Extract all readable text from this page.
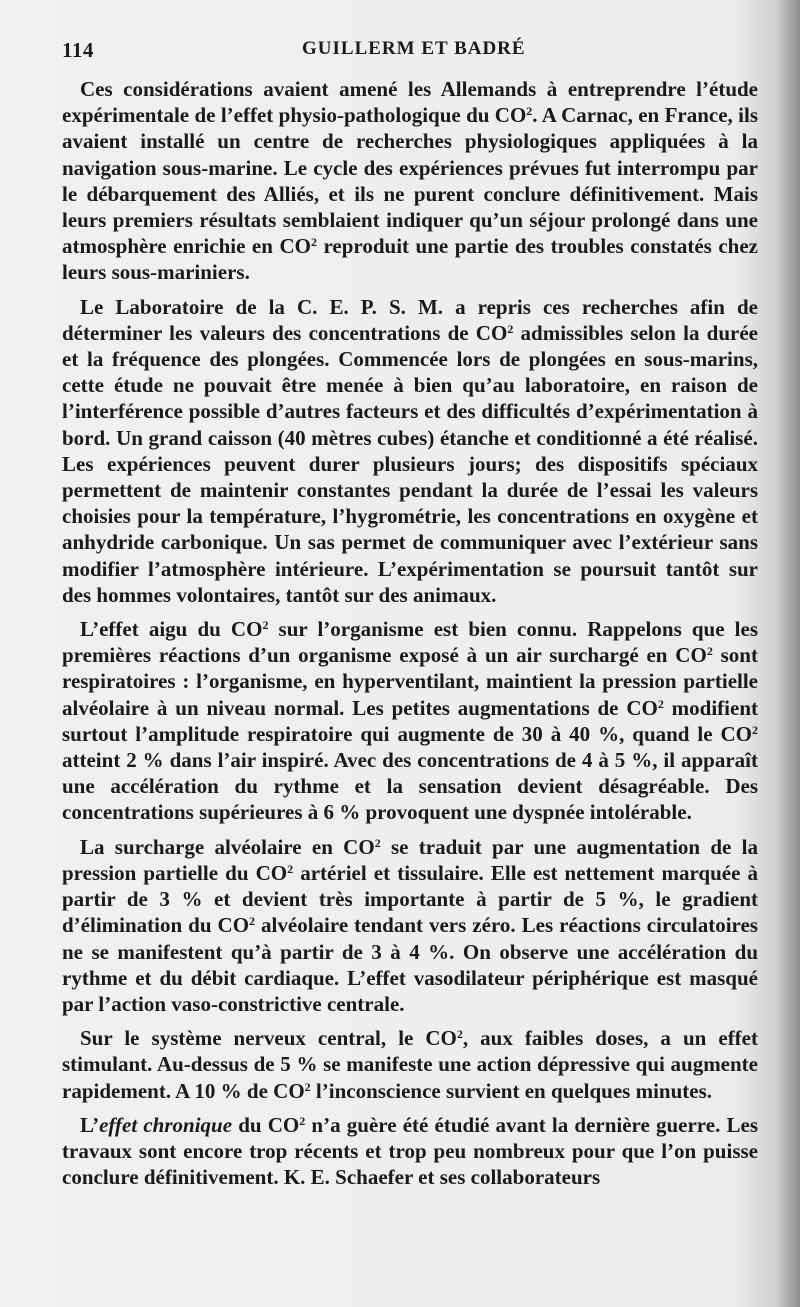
114	GUILLERM ET BADRÉ

Ces considérations avaient amené les Allemands à entreprendre l’étude expérimentale de l’effet physio-pathologique du $CO^2$. A Carnac, en France, ils avaient installé un centre de recherches physiologiques appliquées à la navigation sous-marine. Le cycle des expériences prévues fut interrompu par le débarquement des Alliés, et ils ne purent conclure définitivement. Mais leurs premiers résultats semblaient indiquer qu’un séjour prolongé dans une atmosphère enrichie en $CO^2$ reproduit une partie des troubles constatés chez leurs sous-mariniers.

Le Laboratoire de la C. E. P. S. M. a repris ces recherches afin de déterminer les valeurs des concentrations de $CO^2$ admissibles selon la durée et la fréquence des plongées. Commencée lors de plongées en sous-marins, cette étude ne pouvait être menée à bien qu’au laboratoire, en raison de l’interférence possible d’autres facteurs et des difficultés d’expérimentation à bord. Un grand caisson (40 mètres cubes) étanche et conditionné a été réalisé. Les expériences peuvent durer plusieurs jours; des dispositifs spéciaux permettent de maintenir constantes pendant la durée de l’essai les valeurs choisies pour la température, l’hygrométrie, les concentrations en oxygène et anhydride carbonique. Un sas permet de communiquer avec l’extérieur sans modifier l’atmosphère intérieure. L’expérimentation se poursuit tantôt sur des hommes volontaires, tantôt sur des animaux.

L’effet aigu du $CO^2$ sur l’organisme est bien connu. Rappelons que les premières réactions d’un organisme exposé à un air surchargé en $CO^2$ sont respiratoires : l’organisme, en hyperventilant, maintient la pression partielle alvéolaire à un niveau normal. Les petites augmentations de $CO^2$ modifient surtout l’amplitude respiratoire qui augmente de 30 à 40 %, quand le $CO^2$ atteint 2 % dans l’air inspiré. Avec des concentrations de 4 à 5 %, il apparaît une accélération du rythme et la sensation devient désagréable. Des concentrations supérieures à 6 % provoquent une dyspnée intolérable.

La surcharge alvéolaire en $CO^2$ se traduit par une augmentation de la pression partielle du $CO^2$ artériel et tissulaire. Elle est nettement marquée à partir de 3 % et devient très importante à partir de 5 %, le gradient d’élimination du $CO^2$ alvéolaire tendant vers zéro. Les réactions circulatoires ne se manifestent qu’à partir de 3 à 4 %. On observe une accélération du rythme et du débit cardiaque. L’effet vasodilateur périphérique est masqué par l’action vaso-constrictive centrale.

Sur le système nerveux central, le $CO^2$, aux faibles doses, a un effet stimulant. Au-dessus de 5 % se manifeste une action dépressive qui augmente rapidement. A 10 % de $CO^2$ l’inconscience survient en quelques minutes.

L’effet chronique du $CO^2$ n’a guère été étudié avant la dernière guerre. Les travaux sont encore trop récents et trop peu nombreux pour que l’on puisse conclure définitivement. K. E. Schaefer et ses collaborateurs
